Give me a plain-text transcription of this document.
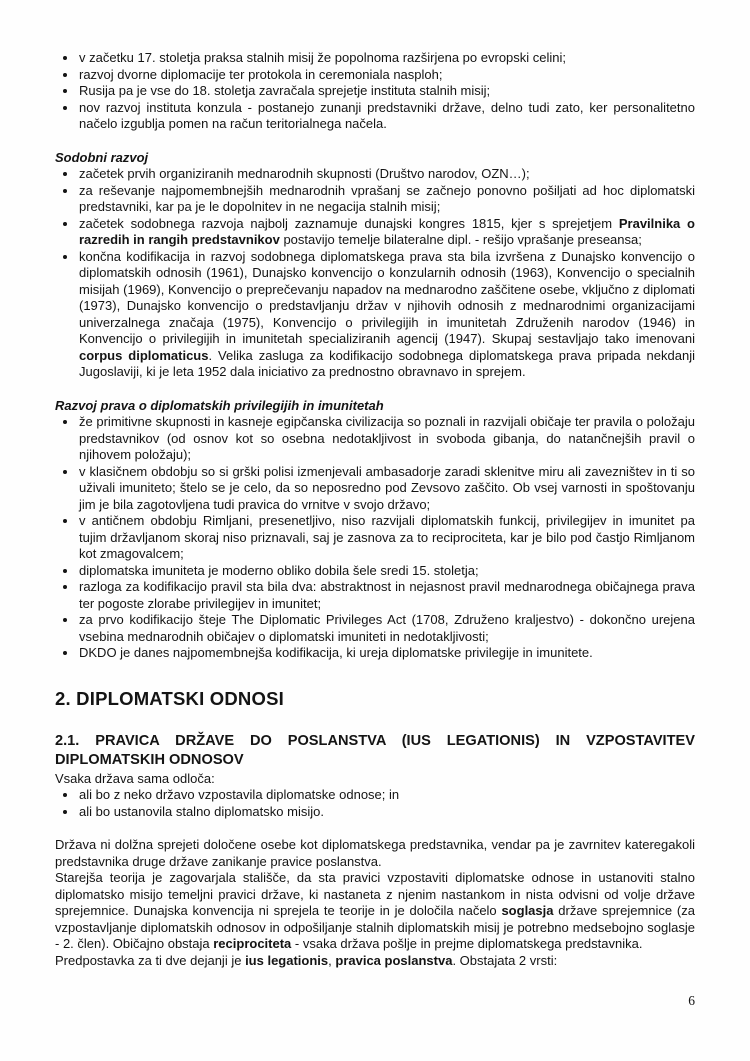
• v začetku 17. stoletja praksa stalnih misij že popolnoma razširjena po evropski celini;
• razvoj dvorne diplomacije ter protokola in ceremoniala nasploh;
• Rusija pa je vse do 18. stoletja zavračala sprejetje instituta stalnih misij;
• nov razvoj instituta konzula - postanejo zunanji predstavniki države, delno tudi zato, ker personalitetno načelo izgublja pomen na račun teritorialnega načela.
Sodobni razvoj
• začetek prvih organiziranih mednarodnih skupnosti (Društvo narodov, OZN…);
• za reševanje najpomembnejših mednarodnih vprašanj se začnejo ponovno pošiljati ad hoc diplomatski predstavniki, kar pa je le dopolnitev in ne negacija stalnih misij;
• začetek sodobnega razvoja najbolj zaznamuje dunajski kongres 1815, kjer s sprejetjem Pravilnika o razredih in rangih predstavnikov postavijo temelje bilateralne dipl. - rešijo vprašanje preseansa;
• končna kodifikacija in razvoj sodobnega diplomatskega prava sta bila izvršena z Dunajsko konvencijo o diplomatskih odnosih (1961), Dunajsko konvencijo o konzularnih odnosih (1963), Konvencijo o specialnih misijah (1969), Konvencijo o preprečevanju napadov na mednarodno zaščitene osebe, vključno z diplomati (1973), Dunajsko konvencijo o predstavljanju držav v njihovih odnosih z mednarodnimi organizacijami univerzalnega značaja (1975), Konvencijo o privilegijih in imunitetah Združenih narodov (1946) in Konvencijo o privilegijih in imunitetah specializiranih agencij (1947). Skupaj sestavljajo tako imenovani corpus diplomaticus. Velika zasluga za kodifikacijo sodobnega diplomatskega prava pripada nekdanji Jugoslaviji, ki je leta 1952 dala iniciativo za prednostno obravnavo in sprejem.
Razvoj prava o diplomatskih privilegijih in imunitetah
• že primitivne skupnosti in kasneje egipčanska civilizacija so poznali in razvijali običaje ter pravila o položaju predstavnikov (od osnov kot so osebna nedotakljivost in svoboda gibanja, do natančnejših pravil o njihovem položaju);
• v klasičnem obdobju so si grški polisi izmenjevali ambasadorje zaradi sklenitve miru ali zavezništev in ti so uživali imuniteto; štelo se je celo, da so neposredno pod Zevsovo zaščito. Ob vsej varnosti in spoštovanju jim je bila zagotovljena tudi pravica do vrnitve v svojo državo;
• v antičnem obdobju Rimljani, presenetljivo, niso razvijali diplomatskih funkcij, privilegijev in imunitet pa tujim državljanom skoraj niso priznavali, saj je zasnova za to reciprociteta, kar je bilo pod častjo Rimljanom kot zmagovalcem;
• diplomatska imuniteta je moderno obliko dobila šele sredi 15. stoletja;
• razloga za kodifikacijo pravil sta bila dva: abstraktnost in nejasnost pravil mednarodnega običajnega prava ter pogoste zlorabe privilegijev in imunitet;
• za prvo kodifikacijo šteje The Diplomatic Privileges Act (1708, Združeno kraljestvo) - dokončno urejena vsebina mednarodnih običajev o diplomatski imuniteti in nedotakljivosti;
• DKDO je danes najpomembnejša kodifikacija, ki ureja diplomatske privilegije in imunitete.
2. DIPLOMATSKI ODNOSI
2.1. PRAVICA DRŽAVE DO POSLANSTVA (IUS LEGATIONIS) IN VZPOSTAVITEV DIPLOMATSKIH ODNOSOV

Vsaka država sama odloča:

• ali bo z neko državo vzpostavila diplomatske odnose; in
• ali bo ustanovila stalno diplomatsko misijo.

Država ni dolžna sprejeti določene osebe kot diplomatskega predstavnika, vendar pa je zavrnitev kateregakoli predstavnika druge države zanikanje pravice poslanstva.

Starejša teorija je zagovarjala stališče, da sta pravici vzpostaviti diplomatske odnose in ustanoviti stalno diplomatsko misijo temeljni pravici države, ki nastaneta z njenim nastankom in nista odvisni od volje države sprejemnice. Dunajska konvencija ni sprejela te teorije in je določila načelo soglasja države sprejemnice (za vzpostavljanje diplomatskih odnosov in odpošiljanje stalnih diplomatskih misij je potrebno medsebojno soglasje - 2. člen). Običajno obstaja reciprociteta - vsaka država pošlje in prejme diplomatskega predstavnika.

Predpostavka za ti dve dejanji je ius legationis, pravica poslanstva. Obstajata 2 vrsti:

6
